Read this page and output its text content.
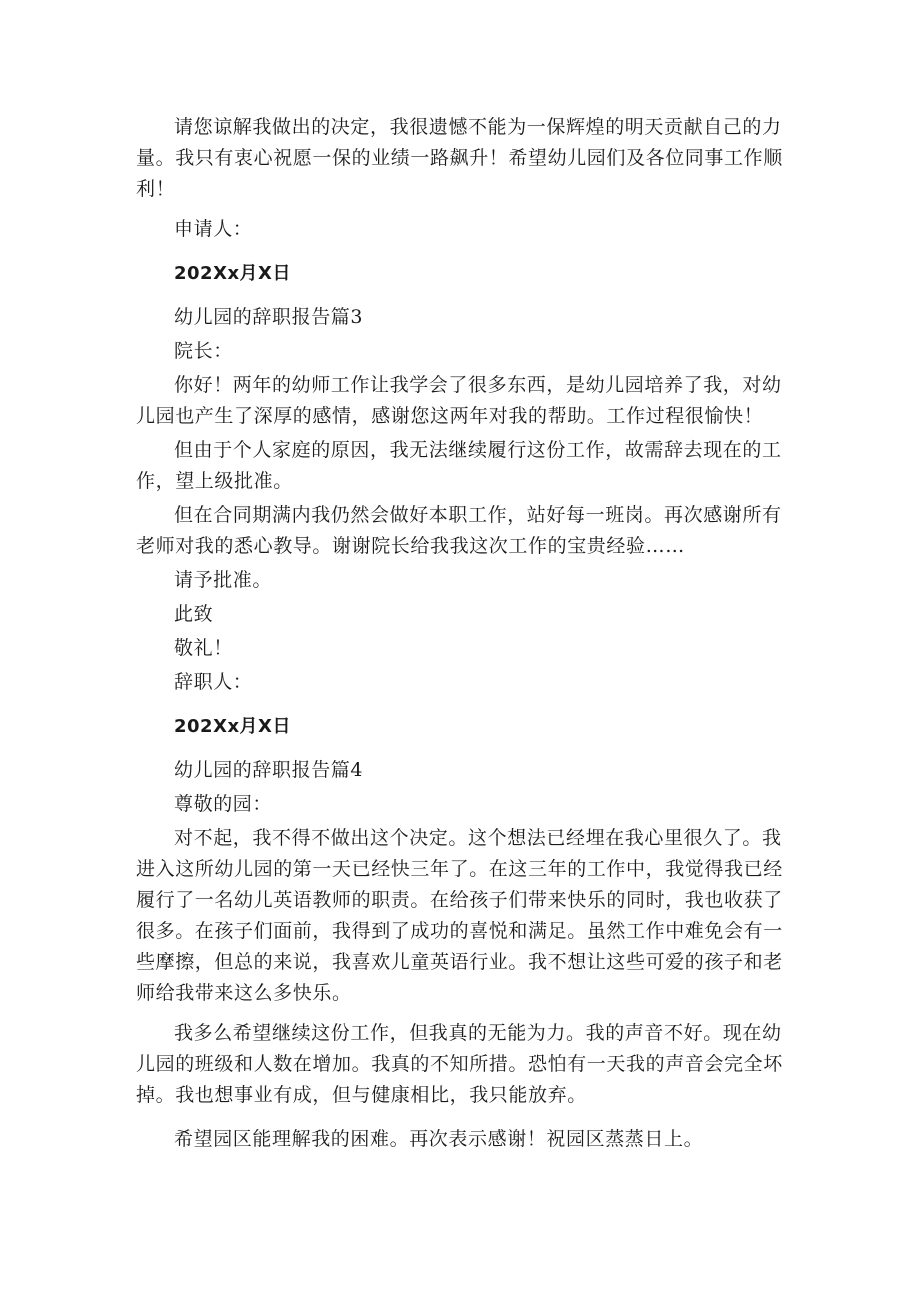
请您谅解我做出的决定，我很遗憾不能为一保辉煌的明天贡献自己的力量。我只有衷心祝愿一保的业绩一路飙升！希望幼儿园们及各位同事工作顺利！

申请人：

202Xx月X日

幼儿园的辞职报告篇3

院长：

你好！两年的幼师工作让我学会了很多东西，是幼儿园培养了我，对幼儿园也产生了深厚的感情，感谢您这两年对我的帮助。工作过程很愉快！

但由于个人家庭的原因，我无法继续履行这份工作，故需辞去现在的工作，望上级批准。

但在合同期满内我仍然会做好本职工作，站好每一班岗。再次感谢所有老师对我的悉心教导。谢谢院长给我我这次工作的宝贵经验……

请予批准。

此致

敬礼！

辞职人：

202Xx月X日

幼儿园的辞职报告篇4

尊敬的园：

对不起，我不得不做出这个决定。这个想法已经埋在我心里很久了。我进入这所幼儿园的第一天已经快三年了。在这三年的工作中，我觉得我已经履行了一名幼儿英语教师的职责。在给孩子们带来快乐的同时，我也收获了很多。在孩子们面前，我得到了成功的喜悦和满足。虽然工作中难免会有一些摩擦，但总的来说，我喜欢儿童英语行业。我不想让这些可爱的孩子和老师给我带来这么多快乐。

我多么希望继续这份工作，但我真的无能为力。我的声音不好。现在幼儿园的班级和人数在增加。我真的不知所措。恐怕有一天我的声音会完全坏掉。我也想事业有成，但与健康相比，我只能放弃。

希望园区能理解我的困难。再次表示感谢！祝园区蒸蒸日上。
